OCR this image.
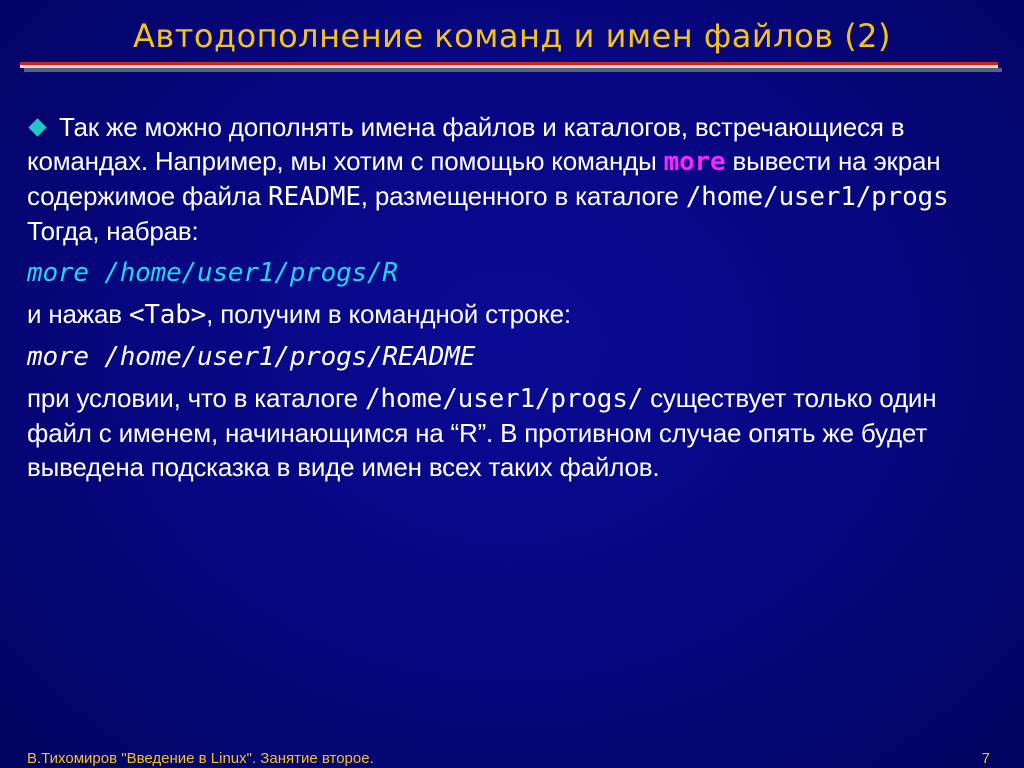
Автодополнение команд и имен файлов (2)

Так же можно дополнять имена файлов и каталогов, встречающиеся в командах. Например, мы хотим с помощью команды more вывести на экран содержимое файла README, размещенного в каталоге /home/user1/progs Тогда, набрав:

more /home/user1/progs/R

и нажав <Tab>, получим в командной строке:

more /home/user1/progs/README

при условии, что в каталоге /home/user1/progs/ существует только один файл с именем, начинающимся на “R”. В противном случае опять же будет выведена подсказка в виде имен всех таких файлов.

В.Тихомиров "Введение в Linux". Занятие второе.	7
